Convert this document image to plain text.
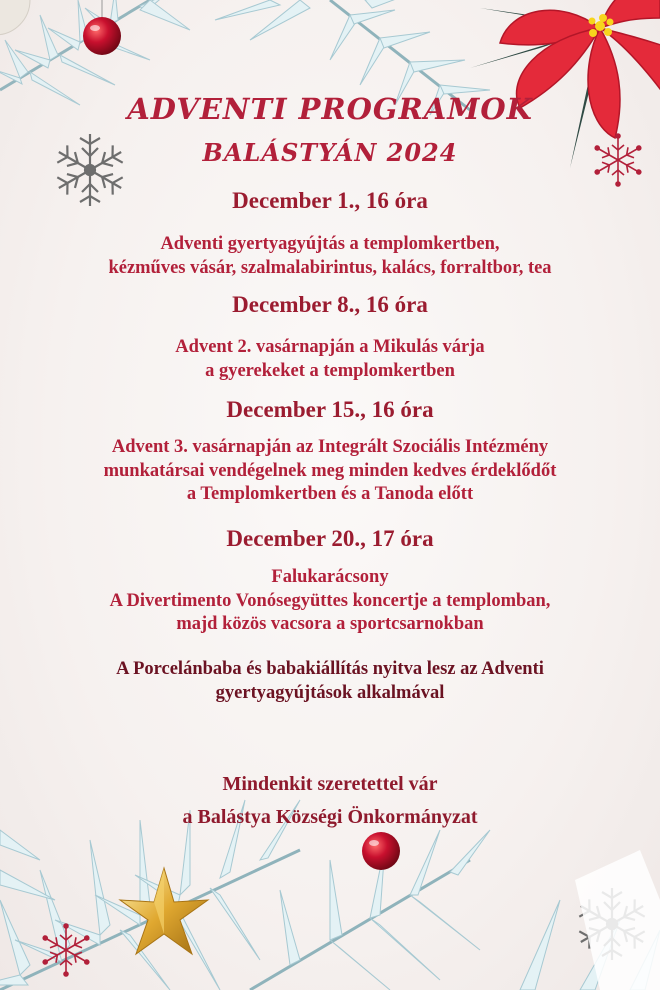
ADVENTI PROGRAMOK
BALÁSTYÁN 2024
December 1., 16 óra
Adventi gyertyagyújtás a templomkertben,
kézműves vásár, szalmalabirintus, kalács, forraltbor, tea
December 8., 16 óra
Advent 2. vasárnapján a Mikulás várja
a gyerekeket a templomkertben
December 15., 16 óra
Advent 3. vasárnapján az Integrált Szociális Intézmény
munkatársai vendégelnek meg minden kedves érdeklődőt
a Templomkertben és a Tanoda előtt
December 20., 17 óra
Falukarácsony
A Divertimento Vonósegyüttes koncertje a templomban,
majd közös vacsora a sportcsarnokban
A Porcelánbaba és babakiállítás nyitva lesz az Adventi
gyertyagyújtások alkalmával
Mindenkit szeretettel vár
a Balástya Községi Önkormányzat
